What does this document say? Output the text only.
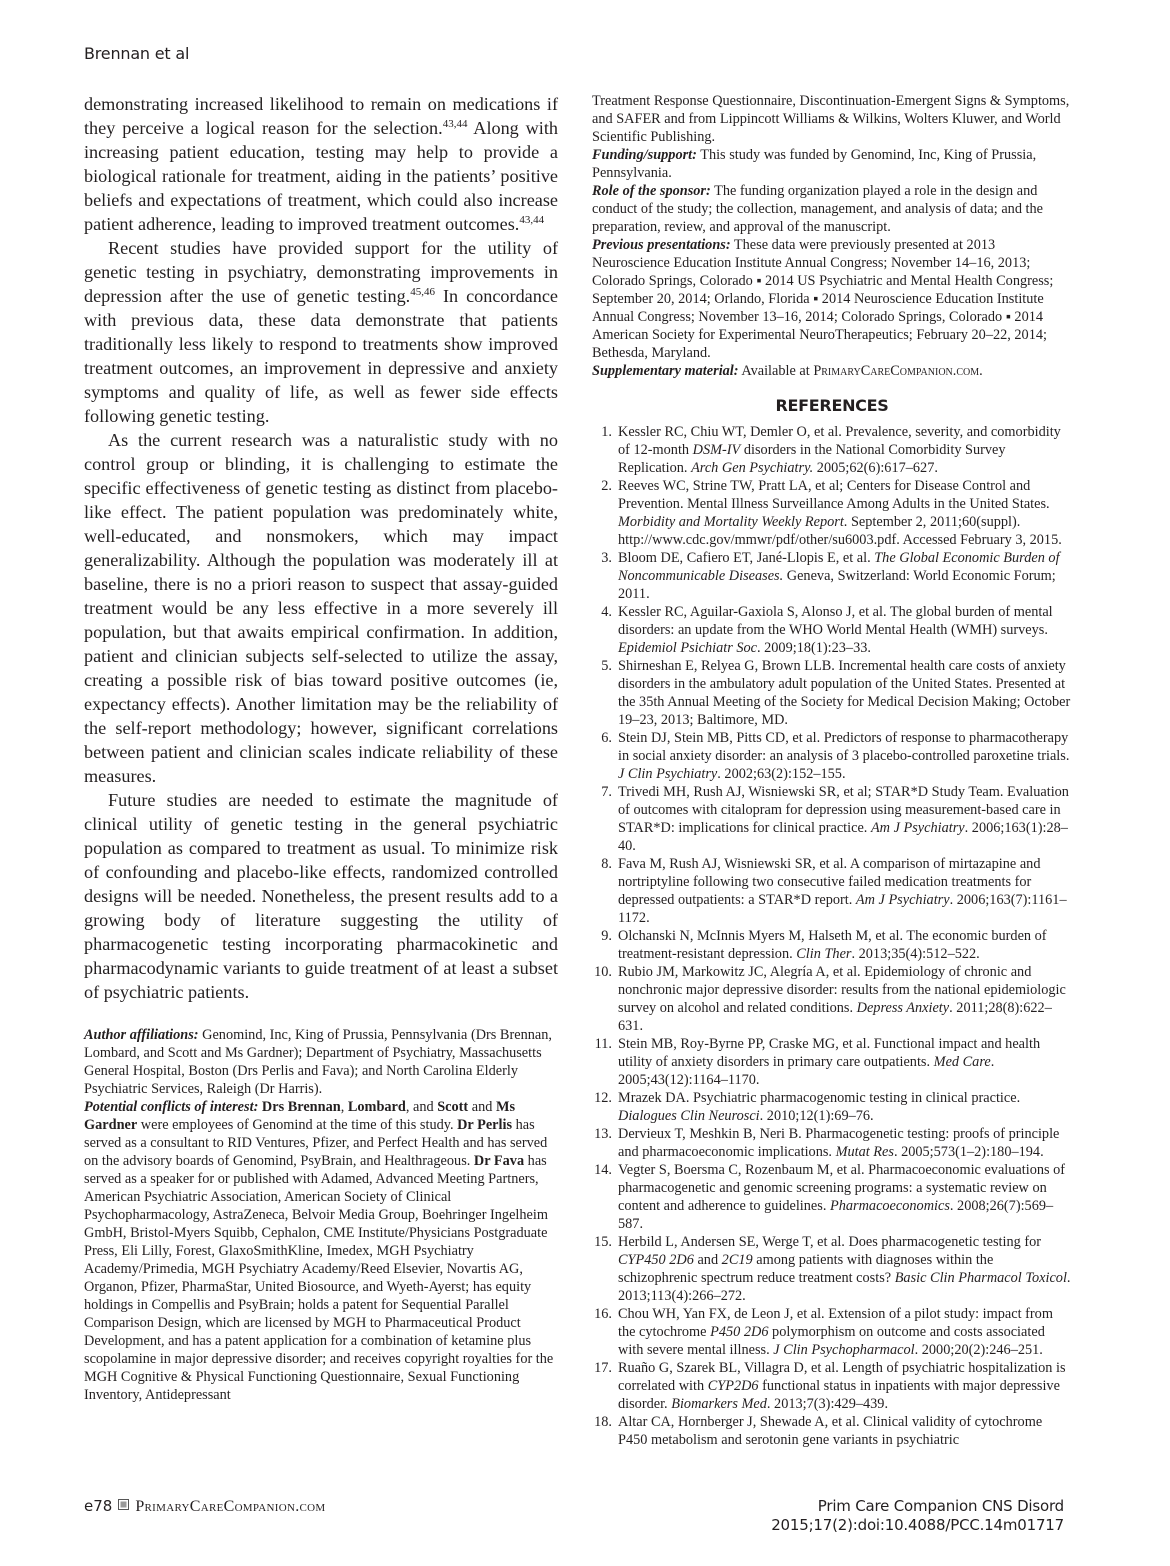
Brennan et al

demonstrating increased likelihood to remain on medications if they perceive a logical reason for the selection.$^{43,44}$ Along with increasing patient education, testing may help to provide a biological rationale for treatment, aiding in the patients’ positive beliefs and expectations of treatment, which could also increase patient adherence, leading to improved treatment outcomes.$^{43,44}$

Recent studies have provided support for the utility of genetic testing in psychiatry, demonstrating improvements in depression after the use of genetic testing.$^{45,46}$ In concordance with previous data, these data demonstrate that patients traditionally less likely to respond to treatments show improved treatment outcomes, an improvement in depressive and anxiety symptoms and quality of life, as well as fewer side effects following genetic testing.

As the current research was a naturalistic study with no control group or blinding, it is challenging to estimate the specific effectiveness of genetic testing as distinct from placebo-like effect. The patient population was predominately white, well-educated, and nonsmokers, which may impact generalizability. Although the population was moderately ill at baseline, there is no a priori reason to suspect that assay-guided treatment would be any less effective in a more severely ill population, but that awaits empirical confirmation. In addition, patient and clinician subjects self-selected to utilize the assay, creating a possible risk of bias toward positive outcomes (ie, expectancy effects). Another limitation may be the reliability of the self-report methodology; however, significant correlations between patient and clinician scales indicate reliability of these measures.

Future studies are needed to estimate the magnitude of clinical utility of genetic testing in the general psychiatric population as compared to treatment as usual. To minimize risk of confounding and placebo-like effects, randomized controlled designs will be needed. Nonetheless, the present results add to a growing body of literature suggesting the utility of pharmacogenetic testing incorporating pharmacokinetic and pharmacodynamic variants to guide treatment of at least a subset of psychiatric patients.

Author affiliations: Genomind, Inc, King of Prussia, Pennsylvania (Drs Brennan, Lombard, and Scott and Ms Gardner); Department of Psychiatry, Massachusetts General Hospital, Boston (Drs Perlis and Fava); and North Carolina Elderly Psychiatric Services, Raleigh (Dr Harris).

Potential conflicts of interest: Drs Brennan, Lombard, and Scott and Ms Gardner were employees of Genomind at the time of this study. Dr Perlis has served as a consultant to RID Ventures, Pfizer, and Perfect Health and has served on the advisory boards of Genomind, PsyBrain, and Healthrageous. Dr Fava has served as a speaker for or published with Adamed, Advanced Meeting Partners, American Psychiatric Association, American Society of Clinical Psychopharmacology, AstraZeneca, Belvoir Media Group, Boehringer Ingelheim GmbH, Bristol-Myers Squibb, Cephalon, CME Institute/Physicians Postgraduate Press, Eli Lilly, Forest, GlaxoSmithKline, Imedex, MGH Psychiatry Academy/Primedia, MGH Psychiatry Academy/Reed Elsevier, Novartis AG, Organon, Pfizer, PharmaStar, United Biosource, and Wyeth-Ayerst; has equity holdings in Compellis and PsyBrain; holds a patent for Sequential Parallel Comparison Design, which are licensed by MGH to Pharmaceutical Product Development, and has a patent application for a combination of ketamine plus scopolamine in major depressive disorder; and receives copyright royalties for the MGH Cognitive & Physical Functioning Questionnaire, Sexual Functioning Inventory, Antidepressant

Treatment Response Questionnaire, Discontinuation-Emergent Signs & Symptoms, and SAFER and from Lippincott Williams & Wilkins, Wolters Kluwer, and World Scientific Publishing.

Funding/support: This study was funded by Genomind, Inc, King of Prussia, Pennsylvania.

Role of the sponsor: The funding organization played a role in the design and conduct of the study; the collection, management, and analysis of data; and the preparation, review, and approval of the manuscript.

Previous presentations: These data were previously presented at 2013 Neuroscience Education Institute Annual Congress; November 14–16, 2013; Colorado Springs, Colorado ▪ 2014 US Psychiatric and Mental Health Congress; September 20, 2014; Orlando, Florida ▪ 2014 Neuroscience Education Institute Annual Congress; November 13–16, 2014; Colorado Springs, Colorado ▪ 2014 American Society for Experimental NeuroTherapeutics; February 20–22, 2014; Bethesda, Maryland.

Supplementary material: Available at PrimaryCareCompanion.com.

REFERENCES
1. Kessler RC, Chiu WT, Demler O, et al. Prevalence, severity, and comorbidity of 12-month DSM-IV disorders in the National Comorbidity Survey Replication. Arch Gen Psychiatry. 2005;62(6):617–627.
2. Reeves WC, Strine TW, Pratt LA, et al; Centers for Disease Control and Prevention. Mental Illness Surveillance Among Adults in the United States. Morbidity and Mortality Weekly Report. September 2, 2011;60(suppl). http://www.cdc.gov/mmwr/pdf/other/su6003.pdf. Accessed February 3, 2015.
3. Bloom DE, Cafiero ET, Jané-Llopis E, et al. The Global Economic Burden of Noncommunicable Diseases. Geneva, Switzerland: World Economic Forum; 2011.
4. Kessler RC, Aguilar-Gaxiola S, Alonso J, et al. The global burden of mental disorders: an update from the WHO World Mental Health (WMH) surveys. Epidemiol Psichiatr Soc. 2009;18(1):23–33.
5. Shirneshan E, Relyea G, Brown LLB. Incremental health care costs of anxiety disorders in the ambulatory adult population of the United States. Presented at the 35th Annual Meeting of the Society for Medical Decision Making; October 19–23, 2013; Baltimore, MD.
6. Stein DJ, Stein MB, Pitts CD, et al. Predictors of response to pharmacotherapy in social anxiety disorder: an analysis of 3 placebo-controlled paroxetine trials. J Clin Psychiatry. 2002;63(2):152–155.
7. Trivedi MH, Rush AJ, Wisniewski SR, et al; STAR*D Study Team. Evaluation of outcomes with citalopram for depression using measurement-based care in STAR*D: implications for clinical practice. Am J Psychiatry. 2006;163(1):28–40.
8. Fava M, Rush AJ, Wisniewski SR, et al. A comparison of mirtazapine and nortriptyline following two consecutive failed medication treatments for depressed outpatients: a STAR*D report. Am J Psychiatry. 2006;163(7):1161–1172.
9. Olchanski N, McInnis Myers M, Halseth M, et al. The economic burden of treatment-resistant depression. Clin Ther. 2013;35(4):512–522.
10. Rubio JM, Markowitz JC, Alegría A, et al. Epidemiology of chronic and nonchronic major depressive disorder: results from the national epidemiologic survey on alcohol and related conditions. Depress Anxiety. 2011;28(8):622–631.
11. Stein MB, Roy-Byrne PP, Craske MG, et al. Functional impact and health utility of anxiety disorders in primary care outpatients. Med Care. 2005;43(12):1164–1170.
12. Mrazek DA. Psychiatric pharmacogenomic testing in clinical practice. Dialogues Clin Neurosci. 2010;12(1):69–76.
13. Dervieux T, Meshkin B, Neri B. Pharmacogenetic testing: proofs of principle and pharmacoeconomic implications. Mutat Res. 2005;573(1–2):180–194.
14. Vegter S, Boersma C, Rozenbaum M, et al. Pharmacoeconomic evaluations of pharmacogenetic and genomic screening programs: a systematic review on content and adherence to guidelines. Pharmacoeconomics. 2008;26(7):569–587.
15. Herbild L, Andersen SE, Werge T, et al. Does pharmacogenetic testing for CYP450 2D6 and 2C19 among patients with diagnoses within the schizophrenic spectrum reduce treatment costs? Basic Clin Pharmacol Toxicol. 2013;113(4):266–272.
16. Chou WH, Yan FX, de Leon J, et al. Extension of a pilot study: impact from the cytochrome P450 2D6 polymorphism on outcome and costs associated with severe mental illness. J Clin Psychopharmacol. 2000;20(2):246–251.
17. Ruaño G, Szarek BL, Villagra D, et al. Length of psychiatric hospitalization is correlated with CYP2D6 functional status in inpatients with major depressive disorder. Biomarkers Med. 2013;7(3):429–439.
18. Altar CA, Hornberger J, Shewade A, et al. Clinical validity of cytochrome P450 metabolism and serotonin gene variants in psychiatric
e78 PrimaryCareCompanion.com	Prim Care Companion CNS Disord
2015;17(2):doi:10.4088/PCC.14m01717
